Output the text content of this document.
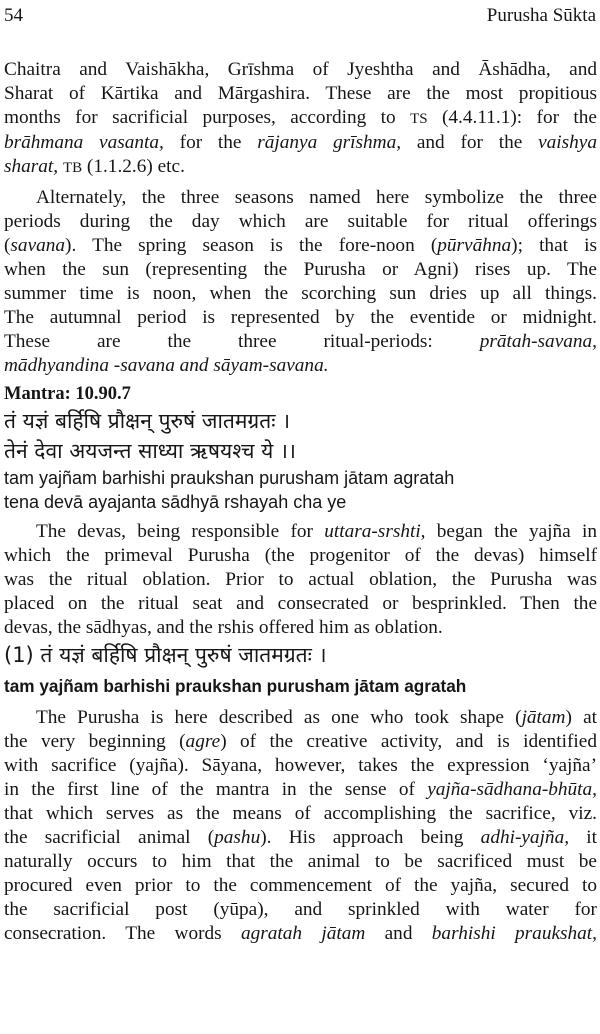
54	Purusha Sūkta

Chaitra and Vaishākha, Grīshma of Jyeshtha and Āshādha, and

Sharat of Kārtika and Mārgashira. These are the most propitious

months for sacrificial purposes, according to TS (4.4.11.1): for the

brāhmana vasanta, for the rājanya grīshma, and for the vaishya

sharat, TB (1.1.2.6) etc.

Alternately, the three seasons named here symbolize the three

periods during the day which are suitable for ritual offerings

(savana). The spring season is the fore-noon (pūrvāhna); that is

when the sun (representing the Purusha or Agni) rises up. The

summer time is noon, when the scorching sun dries up all things.

The autumnal period is represented by the eventide or midnight.

These are the three ritual-periods: prātah-savana,

mādhyandina -savana and sāyam-savana.

Mantra: 10.90.7

तं यज्ञं बर्हिषि प्रौक्षन् पुरुषं जातमग्रतः ।

तेनं देवा अयजन्त साध्या ऋषयश्च ये ।।

tam yajñam barhishi praukshan purusham jātam agratah

tena devā ayajanta sādhyā rshayah cha ye

The devas, being responsible for uttara-srshti, began the yajña in

which the primeval Purusha (the progenitor of the devas) himself

was the ritual oblation. Prior to actual oblation, the Purusha was

placed on the ritual seat and consecrated or besprinkled. Then the

devas, the sādhyas, and the rshis offered him as oblation.

(1) तं यज्ञं बर्हिषि प्रौक्षन् पुरुषं जातमग्रतः ।

tam yajñam barhishi praukshan purusham jātam agratah

The Purusha is here described as one who took shape (jātam) at

the very beginning (agre) of the creative activity, and is identified

with sacrifice (yajña). Sāyana, however, takes the expression ‘yajña’

in the first line of the mantra in the sense of yajña-sādhana-bhūta,

that which serves as the means of accomplishing the sacrifice, viz.

the sacrificial animal (pashu). His approach being adhi-yajña, it

naturally occurs to him that the animal to be sacrificed must be

procured even prior to the commencement of the yajña, secured to

the sacrificial post (yūpa), and sprinkled with water for

consecration. The words agratah jātam and barhishi praukshat,
